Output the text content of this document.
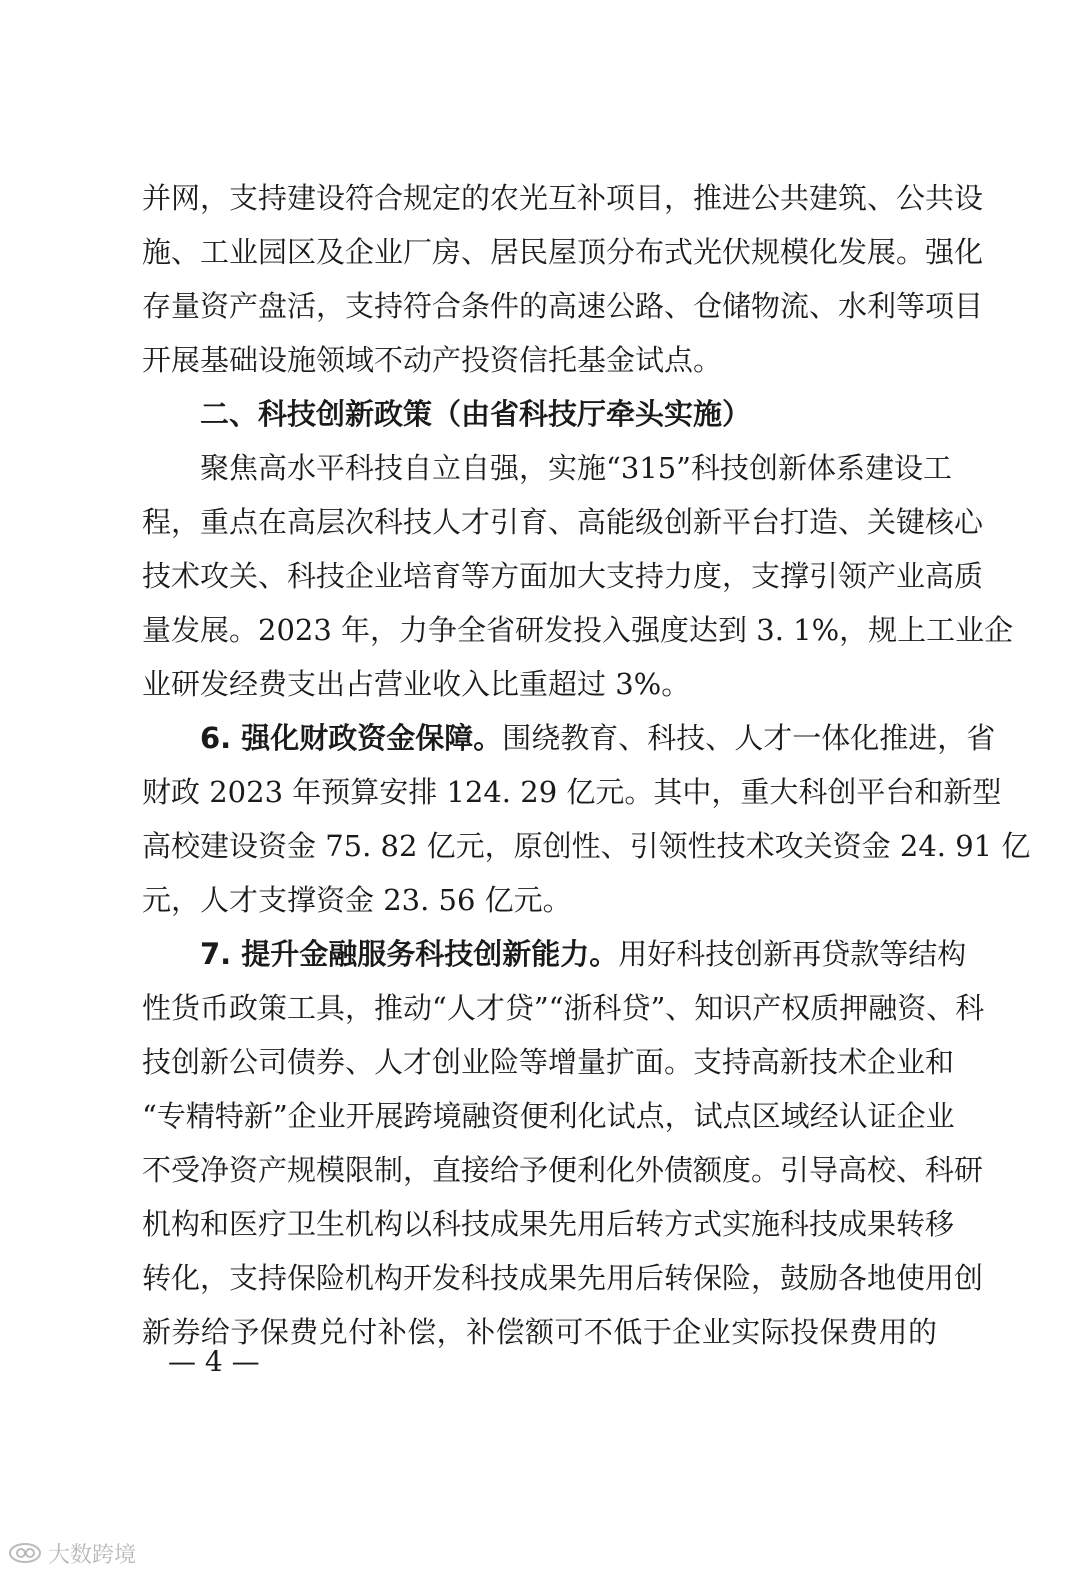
并网，支持建设符合规定的农光互补项目，推进公共建筑、公共设
施、工业园区及企业厂房、居民屋顶分布式光伏规模化发展。强化
存量资产盘活，支持符合条件的高速公路、仓储物流、水利等项目
开展基础设施领域不动产投资信托基金试点。
二、科技创新政策（由省科技厅牵头实施）
聚焦高水平科技自立自强，实施“315”科技创新体系建设工
程，重点在高层次科技人才引育、高能级创新平台打造、关键核心
技术攻关、科技企业培育等方面加大支持力度，支撑引领产业高质
量发展。2023 年，力争全省研发投入强度达到 3. 1%，规上工业企
业研发经费支出占营业收入比重超过 3%。
6. 强化财政资金保障。围绕教育、科技、人才一体化推进，省
财政 2023 年预算安排 124. 29 亿元。其中，重大科创平台和新型
高校建设资金 75. 82 亿元，原创性、引领性技术攻关资金 24. 91 亿
元，人才支撑资金 23. 56 亿元。
7. 提升金融服务科技创新能力。用好科技创新再贷款等结构
性货币政策工具，推动“人才贷”“浙科贷”、知识产权质押融资、科
技创新公司债券、人才创业险等增量扩面。支持高新技术企业和
“专精特新”企业开展跨境融资便利化试点，试点区域经认证企业
不受净资产规模限制，直接给予便利化外债额度。引导高校、科研
机构和医疗卫生机构以科技成果先用后转方式实施科技成果转移
转化，支持保险机构开发科技成果先用后转保险，鼓励各地使用创
新券给予保费兑付补偿，补偿额可不低于企业实际投保费用的
— 4 —
大数跨境
